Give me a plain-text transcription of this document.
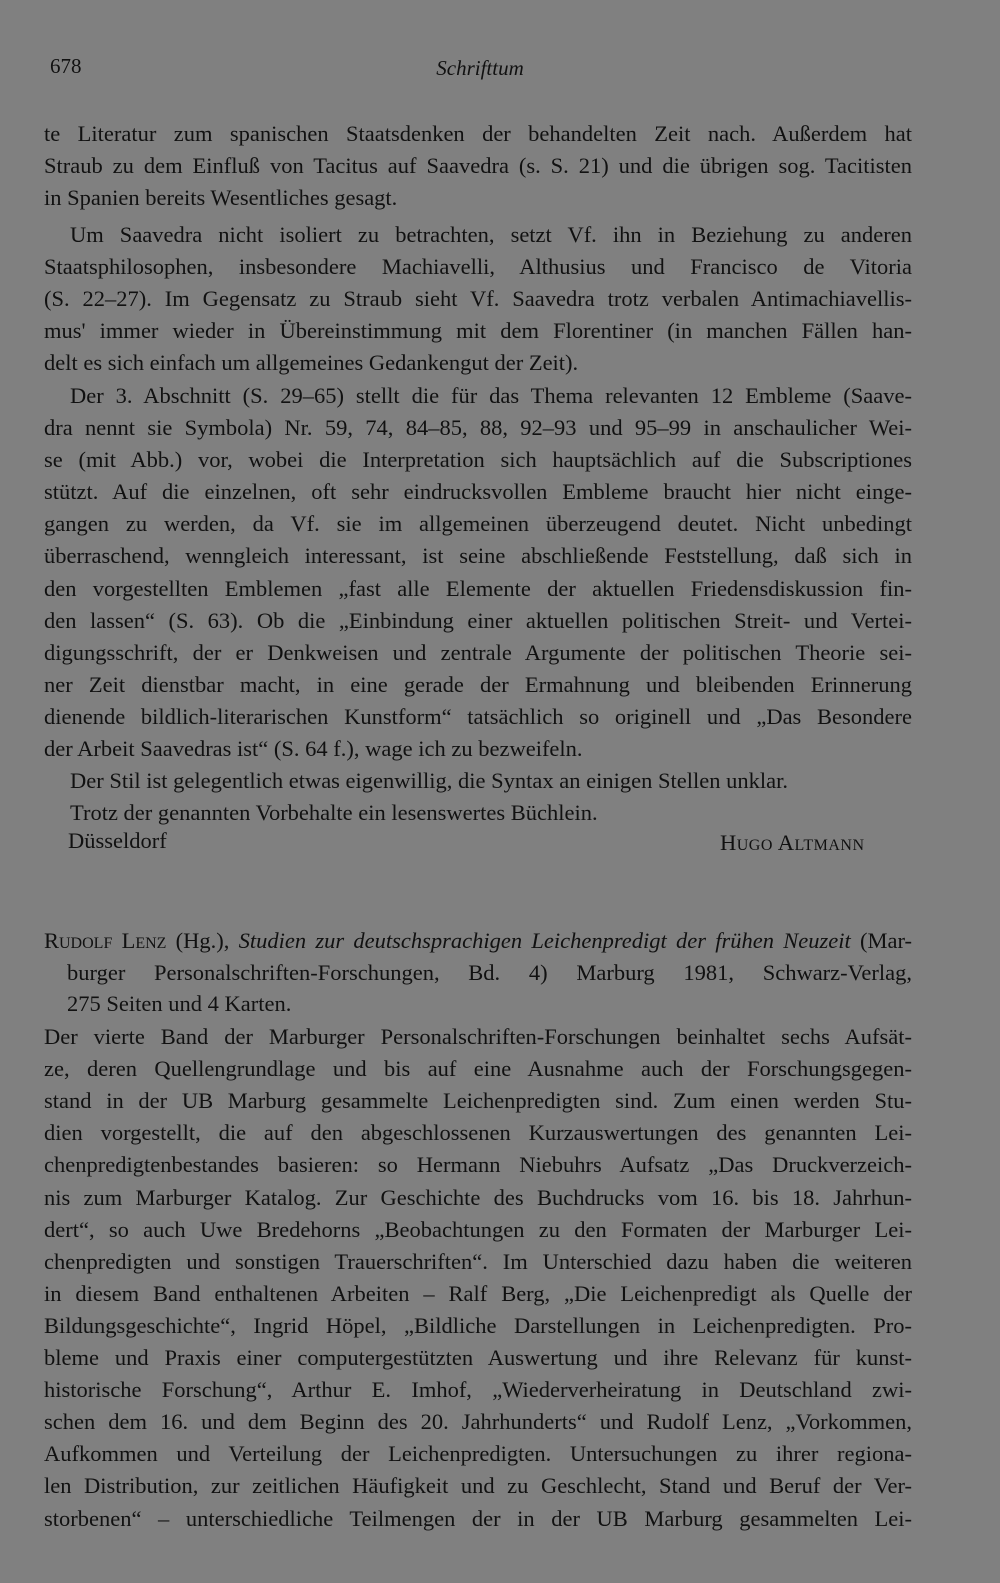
678	Schrifttum
te Literatur zum spanischen Staatsdenken der behandelten Zeit nach. Außerdem hat
Straub zu dem Einfluß von Tacitus auf Saavedra (s. S. 21) und die übrigen sog. Tacitisten
in Spanien bereits Wesentliches gesagt.
Um Saavedra nicht isoliert zu betrachten, setzt Vf. ihn in Beziehung zu anderen
Staatsphilosophen, insbesondere Machiavelli, Althusius und Francisco de Vitoria
(S. 22–27). Im Gegensatz zu Straub sieht Vf. Saavedra trotz verbalen Antimachiavellis-
mus' immer wieder in Übereinstimmung mit dem Florentiner (in manchen Fällen han-
delt es sich einfach um allgemeines Gedankengut der Zeit).
Der 3. Abschnitt (S. 29–65) stellt die für das Thema relevanten 12 Embleme (Saave-
dra nennt sie Symbola) Nr. 59, 74, 84–85, 88, 92–93 und 95–99 in anschaulicher Wei-
se (mit Abb.) vor, wobei die Interpretation sich hauptsächlich auf die Subscriptiones
stützt. Auf die einzelnen, oft sehr eindrucksvollen Embleme braucht hier nicht einge-
gangen zu werden, da Vf. sie im allgemeinen überzeugend deutet. Nicht unbedingt
überraschend, wenngleich interessant, ist seine abschließende Feststellung, daß sich in
den vorgestellten Emblemen „fast alle Elemente der aktuellen Friedensdiskussion fin-
den lassen“ (S. 63). Ob die „Einbindung einer aktuellen politischen Streit- und Vertei-
digungsschrift, der er Denkweisen und zentrale Argumente der politischen Theorie sei-
ner Zeit dienstbar macht, in eine gerade der Ermahnung und bleibenden Erinnerung
dienende bildlich-literarischen Kunstform“ tatsächlich so originell und „Das Besondere
der Arbeit Saavedras ist“ (S. 64 f.), wage ich zu bezweifeln.
Der Stil ist gelegentlich etwas eigenwillig, die Syntax an einigen Stellen unklar.
Trotz der genannten Vorbehalte ein lesenswertes Büchlein.
Düsseldorf	Hugo Altmann
Rudolf Lenz (Hg.), Studien zur deutschsprachigen Leichenpredigt der frühen Neuzeit (Mar-
burger Personalschriften-Forschungen, Bd. 4) Marburg 1981, Schwarz-Verlag,
275 Seiten und 4 Karten.
Der vierte Band der Marburger Personalschriften-Forschungen beinhaltet sechs Aufsät-
ze, deren Quellengrundlage und bis auf eine Ausnahme auch der Forschungsgegen-
stand in der UB Marburg gesammelte Leichenpredigten sind. Zum einen werden Stu-
dien vorgestellt, die auf den abgeschlossenen Kurzauswertungen des genannten Lei-
chenpredigtenbestandes basieren: so Hermann Niebuhrs Aufsatz „Das Druckverzeich-
nis zum Marburger Katalog. Zur Geschichte des Buchdrucks vom 16. bis 18. Jahrhun-
dert“, so auch Uwe Bredehorns „Beobachtungen zu den Formaten der Marburger Lei-
chenpredigten und sonstigen Trauerschriften“. Im Unterschied dazu haben die weiteren
in diesem Band enthaltenen Arbeiten – Ralf Berg, „Die Leichenpredigt als Quelle der
Bildungsgeschichte“, Ingrid Höpel, „Bildliche Darstellungen in Leichenpredigten. Pro-
bleme und Praxis einer computergestützten Auswertung und ihre Relevanz für kunst-
historische Forschung“, Arthur E. Imhof, „Wiederverheiratung in Deutschland zwi-
schen dem 16. und dem Beginn des 20. Jahrhunderts“ und Rudolf Lenz, „Vorkommen,
Aufkommen und Verteilung der Leichenpredigten. Untersuchungen zu ihrer regiona-
len Distribution, zur zeitlichen Häufigkeit und zu Geschlecht, Stand und Beruf der Ver-
storbenen“ – unterschiedliche Teilmengen der in der UB Marburg gesammelten Lei-
